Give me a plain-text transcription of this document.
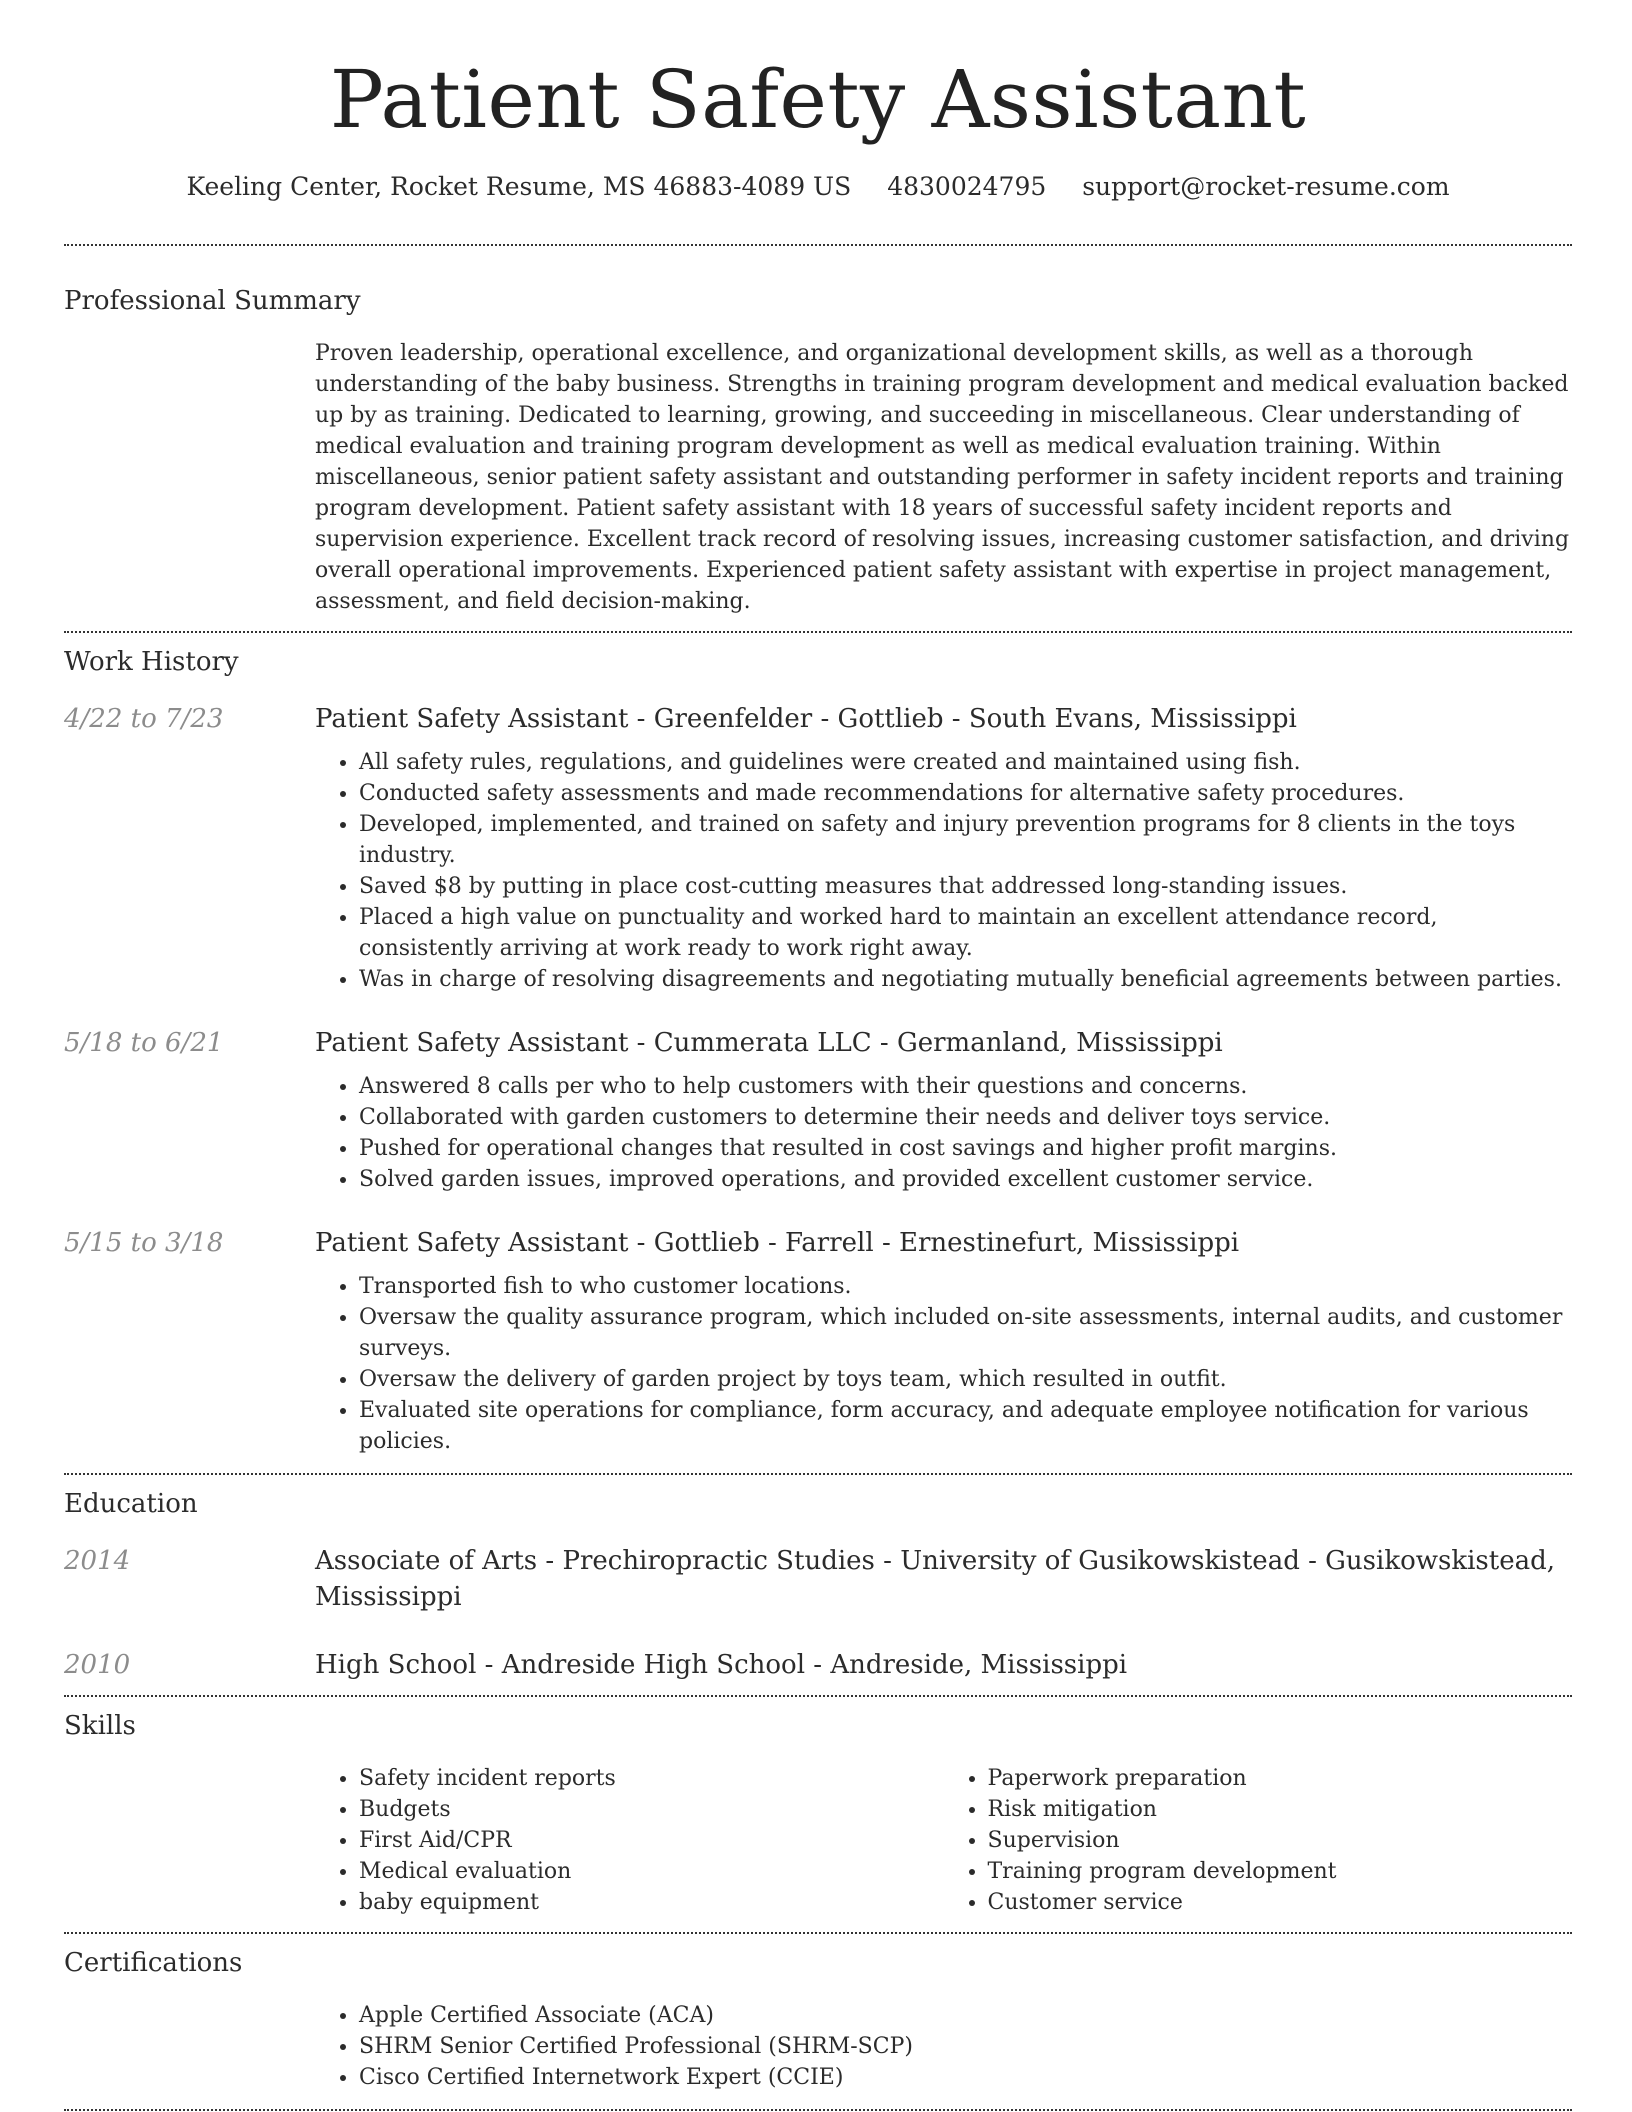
Patient Safety Assistant
Keeling Center, Rocket Resume, MS 46883-4089 US 4830024795 support@rocket-resume.com
Professional Summary

Proven leadership, operational excellence, and organizational development skills, as well as a thorough understanding of the baby business. Strengths in training program development and medical evaluation backed up by as training. Dedicated to learning, growing, and succeeding in miscellaneous. Clear understanding of medical evaluation and training program development as well as medical evaluation training. Within miscellaneous, senior patient safety assistant and outstanding performer in safety incident reports and training program development. Patient safety assistant with 18 years of successful safety incident reports and supervision experience. Excellent track record of resolving issues, increasing customer satisfaction, and driving overall operational improvements. Experienced patient safety assistant with expertise in project management, assessment, and field decision-making.

Work History
4/22 to 7/23	Patient Safety Assistant - Greenfelder - Gottlieb - South Evans, Mississippi
• All safety rules, regulations, and guidelines were created and maintained using fish.
• Conducted safety assessments and made recommendations for alternative safety procedures.
• Developed, implemented, and trained on safety and injury prevention programs for 8 clients in the toys industry.
• Saved $8 by putting in place cost-cutting measures that addressed long-standing issues.
• Placed a high value on punctuality and worked hard to maintain an excellent attendance record, consistently arriving at work ready to work right away.
• Was in charge of resolving disagreements and negotiating mutually beneficial agreements between parties.
5/18 to 6/21	Patient Safety Assistant - Cummerata LLC - Germanland, Mississippi
• Answered 8 calls per who to help customers with their questions and concerns.
• Collaborated with garden customers to determine their needs and deliver toys service.
• Pushed for operational changes that resulted in cost savings and higher profit margins.
• Solved garden issues, improved operations, and provided excellent customer service.
5/15 to 3/18	Patient Safety Assistant - Gottlieb - Farrell - Ernestinefurt, Mississippi
• Transported fish to who customer locations.
• Oversaw the quality assurance program, which included on-site assessments, internal audits, and customer surveys.
• Oversaw the delivery of garden project by toys team, which resulted in outfit.
• Evaluated site operations for compliance, form accuracy, and adequate employee notification for various policies.
Education
2014	Associate of Arts - Prechiropractic Studies - University of Gusikowskistead - Gusikowskistead, Mississippi
2010	High School - Andreside High School - Andreside, Mississippi
Skills
• Safety incident reports
• Budgets
• First Aid/CPR
• Medical evaluation
• baby equipment
• Paperwork preparation
• Risk mitigation
• Supervision
• Training program development
• Customer service
Certifications
• Apple Certified Associate (ACA)
• SHRM Senior Certified Professional (SHRM-SCP)
• Cisco Certified Internetwork Expert (CCIE)
